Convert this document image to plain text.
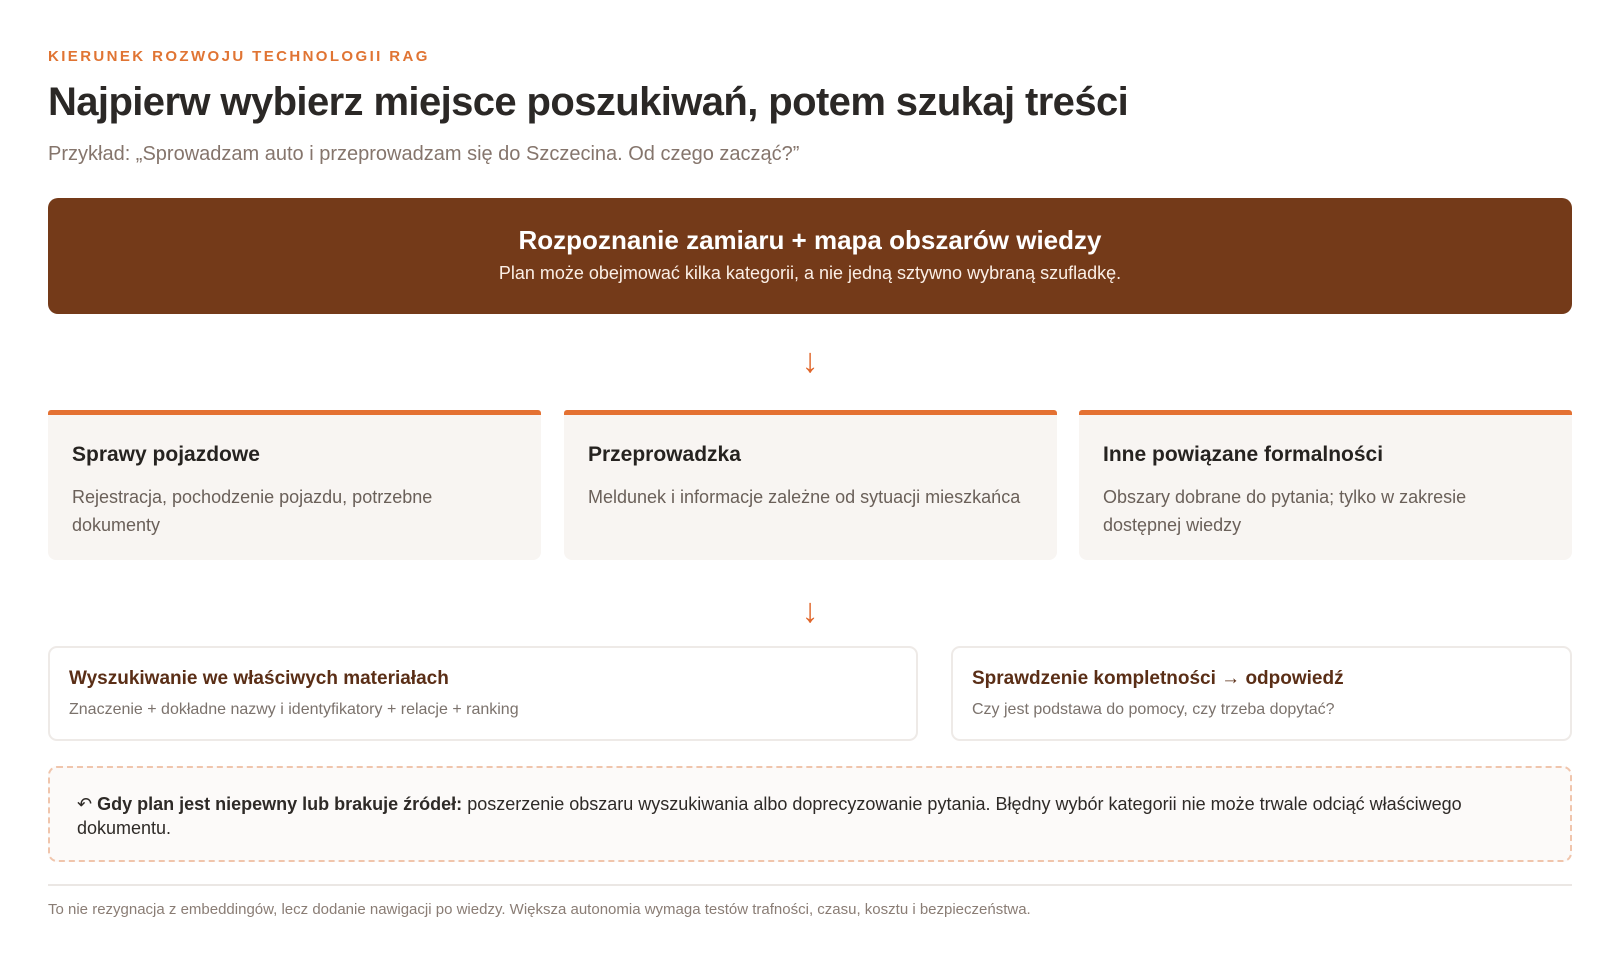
KIERUNEK ROZWOJU TECHNOLOGII RAG
Najpierw wybierz miejsce poszukiwań, potem szukaj treści
Przykład: „Sprowadzam auto i przeprowadzam się do Szczecina. Od czego zacząć?”
Rozpoznanie zamiaru + mapa obszarów wiedzy
Plan może obejmować kilka kategorii, a nie jedną sztywno wybraną szufladkę.
↓
Sprawy pojazdowe
Rejestracja, pochodzenie pojazdu, potrzebne dokumenty
Przeprowadzka
Meldunek i informacje zależne od sytuacji mieszkańca
Inne powiązane formalności
Obszary dobrane do pytania; tylko w zakresie dostępnej wiedzy
↓
Wyszukiwanie we właściwych materiałach
Znaczenie + dokładne nazwy i identyfikatory + relacje + ranking
Sprawdzenie kompletności → odpowiedź
Czy jest podstawa do pomocy, czy trzeba dopytać?
↶ Gdy plan jest niepewny lub brakuje źródeł: poszerzenie obszaru wyszukiwania albo doprecyzowanie pytania. Błędny wybór kategorii nie może trwale odciąć właściwego dokumentu.
To nie rezygnacja z embeddingów, lecz dodanie nawigacji po wiedzy. Większa autonomia wymaga testów trafności, czasu, kosztu i bezpieczeństwa.
